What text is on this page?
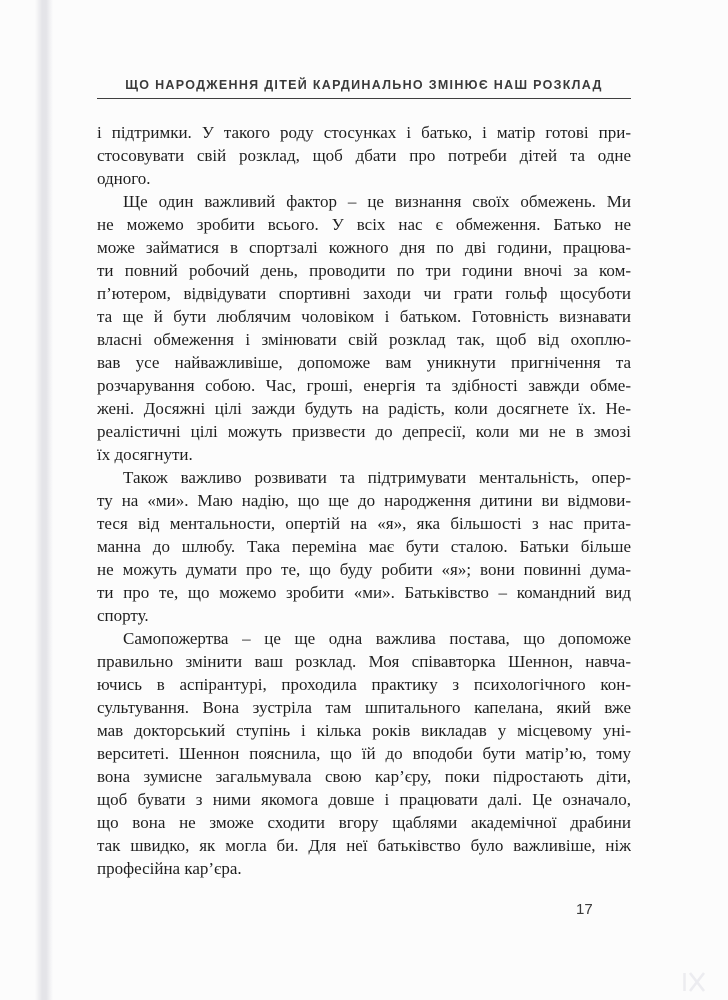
ЩО НАРОДЖЕННЯ ДІТЕЙ КАРДИНАЛЬНО ЗМІНЮЄ НАШ РОЗКЛАД
і підтримки. У такого роду стосунках і батько, і матір готові при-
стосовувати свій розклад, щоб дбати про потреби дітей та одне
одного.
Ще один важливий фактор – це визнання своїх обмежень. Ми
не можемо зробити всього. У всіх нас є обмеження. Батько не
може займатися в спортзалі кожного дня по дві години, працюва-
ти повний робочий день, проводити по три години вночі за ком-
п’ютером, відвідувати спортивні заходи чи грати гольф щосуботи
та ще й бути люблячим чоловіком і батьком. Готовність визнавати
власні обмеження і змінювати свій розклад так, щоб від охоплю-
вав усе найважливіше, допоможе вам уникнути пригнічення та
розчарування собою. Час, гроші, енергія та здібності завжди обме-
жені. Досяжні цілі зажди будуть на радість, коли досягнете їх. Не-
реалістичні цілі можуть призвести до депресії, коли ми не в змозі
їх досягнути.
Також важливо розвивати та підтримувати ментальність, опер-
ту на «ми». Маю надію, що ще до народження дитини ви відмови-
теся від ментальности, опертій на «я», яка більшості з нас прита-
манна до шлюбу. Така переміна має бути сталою. Батьки більше
не можуть думати про те, що буду робити «я»; вони повинні дума-
ти про те, що можемо зробити «ми». Батьківство – командний вид
спорту.
Самопожертва – це ще одна важлива постава, що допоможе
правильно змінити ваш розклад. Моя співавторка Шеннон, навча-
ючись в аспірантурі, проходила практику з психологічного кон-
сультування. Вона зустріла там шпитального капелана, який вже
мав докторський ступінь і кілька років викладав у місцевому уні-
верситеті. Шеннон пояснила, що їй до вподоби бути матір’ю, тому
вона зумисне загальмувала свою кар’єру, поки підростають діти,
щоб бувати з ними якомога довше і працювати далі. Це означало,
що вона не зможе сходити вгору щаблями академічної драбини
так швидко, як могла би. Для неї батьківство було важливіше, ніж
професійна кар’єра.
17
